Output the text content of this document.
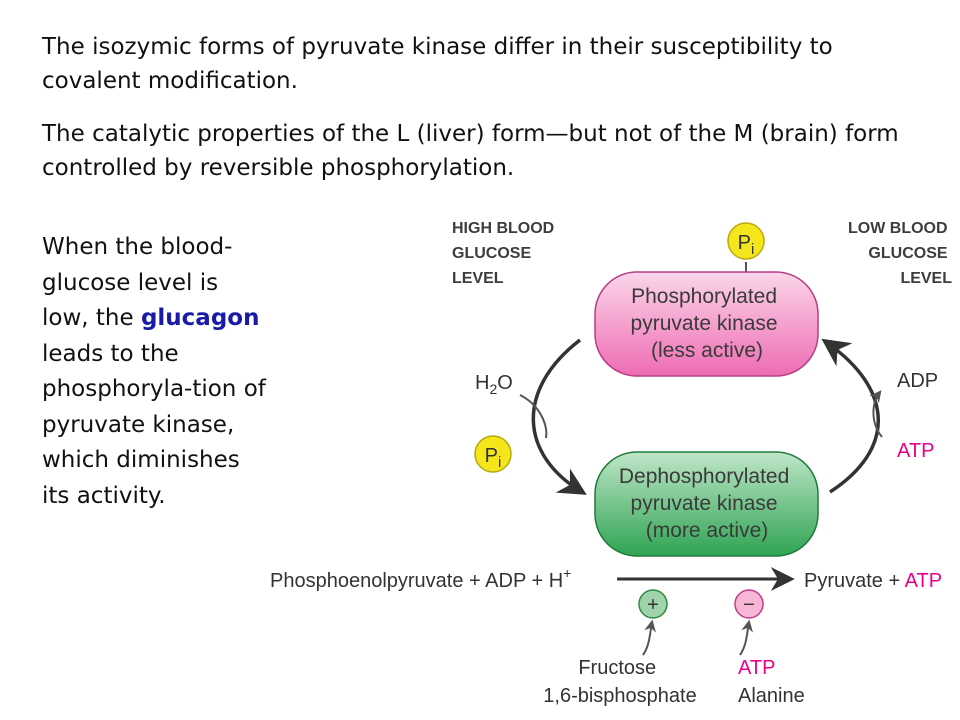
The isozymic forms of pyruvate kinase differ in their susceptibility to covalent modification.

The catalytic properties of the L (liver) form—but not of the M (brain) form controlled by reversible phosphorylation.

When the blood-glucose level is low, the glucagon leads to the phosphoryla-tion of pyruvate kinase, which diminishes its activity.

HIGH BLOOD GLUCOSE LEVEL
LOW BLOOD GLUCOSE LEVEL
$P_i$
Phosphorylated pyruvate kinase (less active)
Dephosphorylated pyruvate kinase (more active)
$H_2O$
$P_i$
ADP
ATP
Phosphoenolpyruvate + ADP + H+	Pyruvate + ATP
+	−
Fructose 1,6-bisphosphate
ATP Alanine
